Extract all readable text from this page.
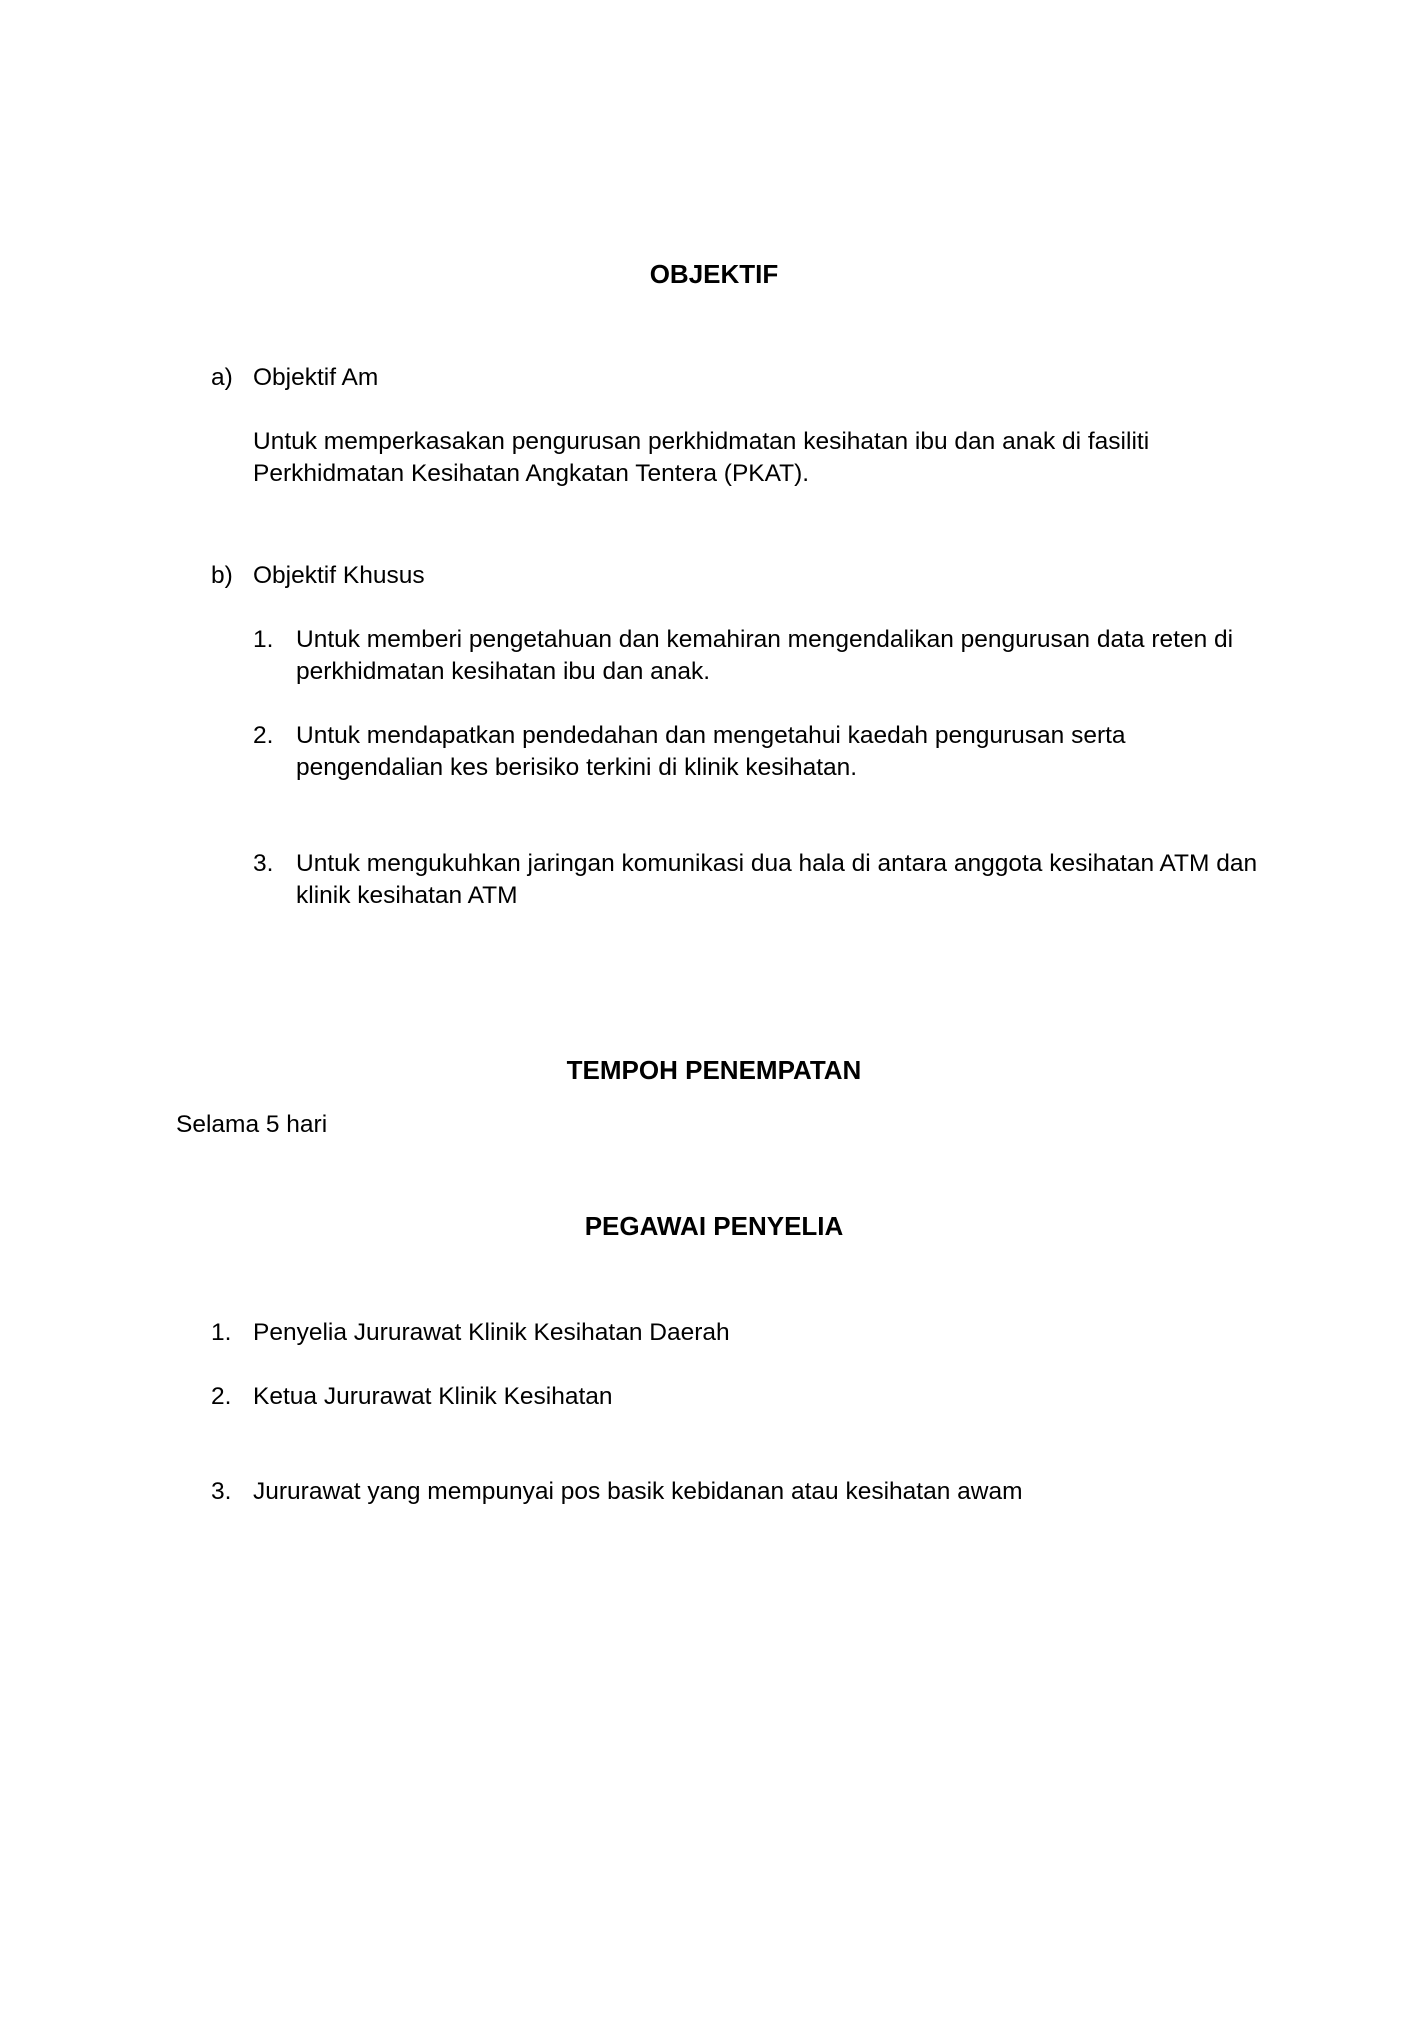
OBJEKTIF
a) Objektif Am
Untuk memperkasakan pengurusan perkhidmatan kesihatan ibu dan anak di fasiliti Perkhidmatan Kesihatan Angkatan Tentera (PKAT).
b) Objektif Khusus
1. Untuk memberi pengetahuan dan kemahiran mengendalikan pengurusan data reten di perkhidmatan kesihatan ibu dan anak.
2. Untuk mendapatkan pendedahan dan mengetahui kaedah pengurusan serta pengendalian kes berisiko terkini di klinik kesihatan.
3. Untuk mengukuhkan jaringan komunikasi dua hala di antara anggota kesihatan ATM dan klinik kesihatan ATM
TEMPOH PENEMPATAN
Selama 5 hari
PEGAWAI PENYELIA
1. Penyelia Jururawat Klinik Kesihatan Daerah
2. Ketua Jururawat Klinik Kesihatan
3. Jururawat yang mempunyai pos basik kebidanan atau kesihatan awam
